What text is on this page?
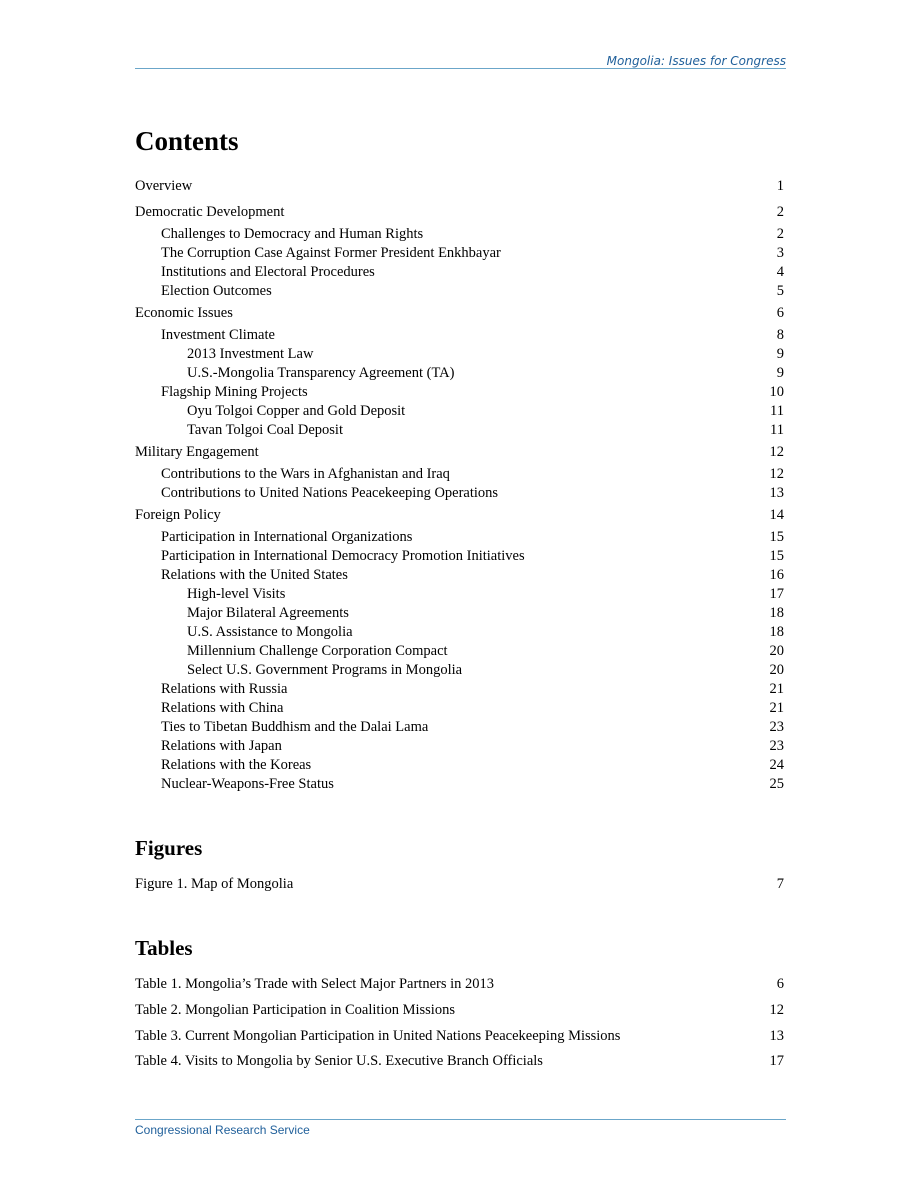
Mongolia: Issues for Congress
Contents
Overview	1
Democratic Development	2
Challenges to Democracy and Human Rights	2
The Corruption Case Against Former President Enkhbayar	3
Institutions and Electoral Procedures	4
Election Outcomes	5
Economic Issues	6
Investment Climate	8
2013 Investment Law	9
U.S.-Mongolia Transparency Agreement (TA)	9
Flagship Mining Projects	10
Oyu Tolgoi Copper and Gold Deposit	11
Tavan Tolgoi Coal Deposit	11
Military Engagement	12
Contributions to the Wars in Afghanistan and Iraq	12
Contributions to United Nations Peacekeeping Operations	13
Foreign Policy	14
Participation in International Organizations	15
Participation in International Democracy Promotion Initiatives	15
Relations with the United States	16
High-level Visits	17
Major Bilateral Agreements	18
U.S. Assistance to Mongolia	18
Millennium Challenge Corporation Compact	20
Select U.S. Government Programs in Mongolia	20
Relations with Russia	21
Relations with China	21
Ties to Tibetan Buddhism and the Dalai Lama	23
Relations with Japan	23
Relations with the Koreas	24
Nuclear-Weapons-Free Status	25
Figures
Figure 1. Map of Mongolia	7
Tables
Table 1. Mongolia’s Trade with Select Major Partners in 2013	6
Table 2. Mongolian Participation in Coalition Missions	12
Table 3. Current Mongolian Participation in United Nations Peacekeeping Missions	13
Table 4. Visits to Mongolia by Senior U.S. Executive Branch Officials	17
Congressional Research Service
